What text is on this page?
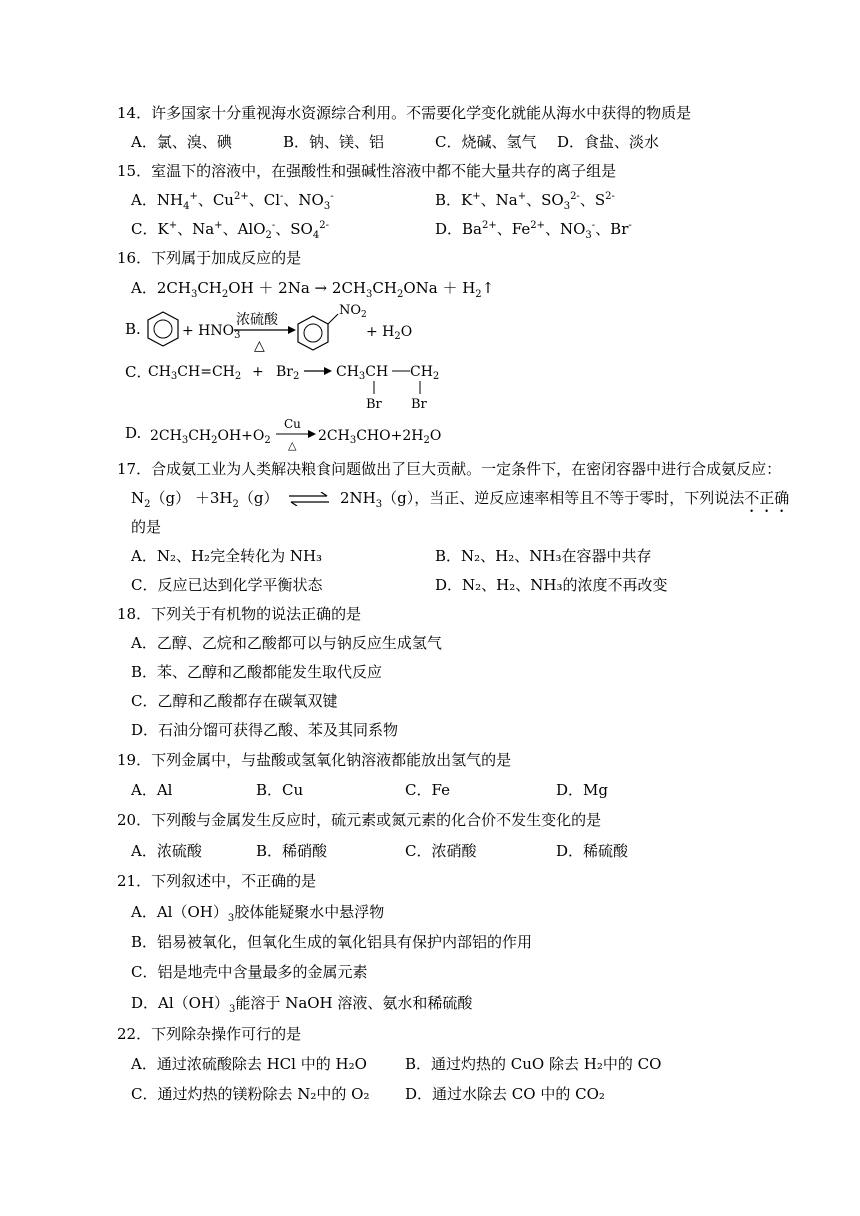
14．许多国家十分重视海水资源综合利用。不需要化学变化就能从海水中获得的物质是
A．氯、溴、碘	B．钠、镁、铝	C．烧碱、氢气 D．食盐、淡水
15．室温下的溶液中，在强酸性和强碱性溶液中都不能大量共存的离子组是
A．$NH_4^+$、$Cu^{2+}$、Cl-、$NO_3^-$	B．K+、Na+、$SO_3^{2-}$、$S^{2-}$
C．K+、Na+、AlO$_2$-、$SO_4^{2-}$	D．$Ba^{2+}$、$Fe^{2+}$、$NO_3^-$、Br-
16．下列属于加成反应的是
A．$2CH_3CH_2OH + 2Na \to 2CH_3CH_2ONa$ ＋ $H_2↑$
B.	+ $HNO_3$
浓硫酸
△
$NO_2$
+ $H_2O$
C．
$CH_3CH=CH_2 + Br_2$	$CH_3CH$ $CH_2$
Br Br
D. $2CH_3CH_2OH+O_2$
Cu
△
$2CH_3CHO+2H_2O$
17．合成氨工业为人类解决粮食问题做出了巨大贡献。一定条件下，在密闭容器中进行合成氨反应：
$N_2(g) +3H_2(g)$ ⇌ $2NH_3(g)$，当正、逆反应速率相等且不等于零时，下列说法不正确
的是
A．N₂、H₂完全转化为 NH₃	B．N₂、H₂、NH₃在容器中共存
C．反应已达到化学平衡状态	D．N₂、H₂、NH₃的浓度不再改变
18．下列关于有机物的说法正确的是
A．乙醇、乙烷和乙酸都可以与钠反应生成氢气
B．苯、乙醇和乙酸都能发生取代反应
C．乙醇和乙酸都存在碳氧双键
D．石油分馏可获得乙酸、苯及其同系物
19．下列金属中，与盐酸或氢氧化钠溶液都能放出氢气的是
A．Al	B．Cu	C．Fe	D．Mg
20．下列酸与金属发生反应时，硫元素或氮元素的化合价不发生变化的是
A．浓硫酸	B．稀硝酸	C．浓硝酸	D．稀硫酸
21．下列叙述中，不正确的是
A．$Al(OH)_3$胶体能疑聚水中悬浮物
B．铝易被氧化，但氧化生成的氧化铝具有保护内部铝的作用
C．铝是地壳中含量最多的金属元素
D．$Al(OH)_3$能溶于 NaOH 溶液、氨水和稀硫酸
22．下列除杂操作可行的是
A．通过浓硫酸除去 HCl 中的 H₂O	B．通过灼热的 CuO 除去 H₂中的 CO
C．通过灼热的镁粉除去 N₂中的 O₂ D．通过水除去 CO 中的 CO₂
